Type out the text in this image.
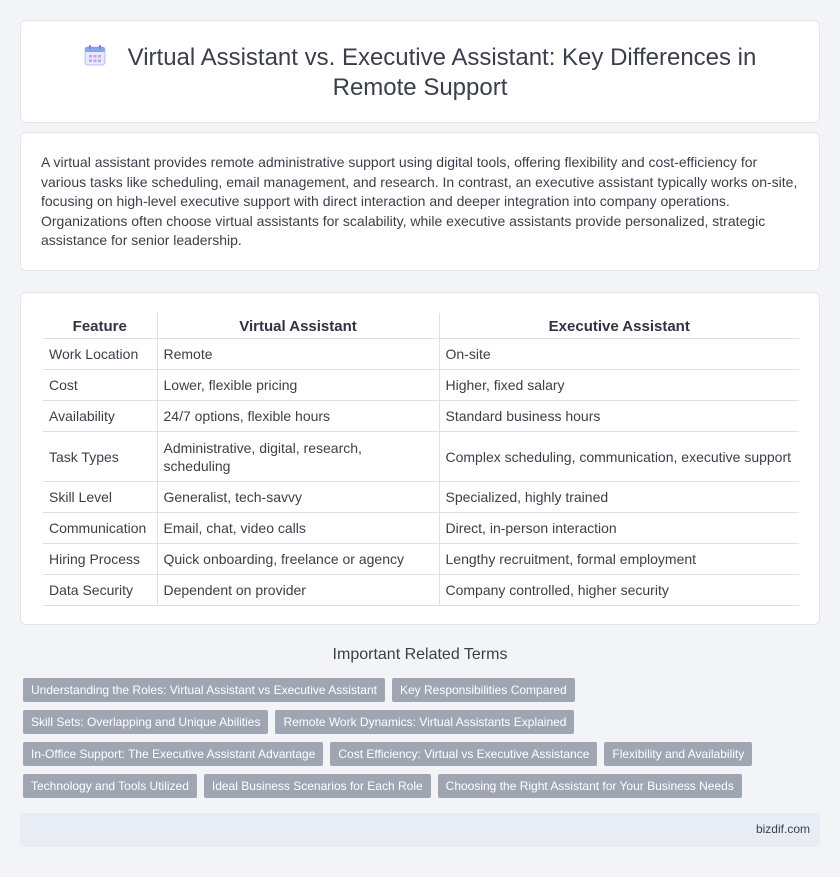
Virtual Assistant vs. Executive Assistant: Key Differences in
Remote Support

A virtual assistant provides remote administrative support using digital tools, offering flexibility and cost-efficiency for various tasks like scheduling, email management, and research. In contrast, an executive assistant typically works on-site, focusing on high-level executive support with direct interaction and deeper integration into company operations. Organizations often choose virtual assistants for scalability, while executive assistants provide personalized, strategic assistance for senior leadership.

Feature	Virtual Assistant	Executive Assistant
Work Location	Remote	On-site
Cost	Lower, flexible pricing	Higher, fixed salary
Availability	24/7 options, flexible hours	Standard business hours
Task Types	Administrative, digital, research, scheduling	Complex scheduling, communication, executive support
Skill Level	Generalist, tech-savvy	Specialized, highly trained
Communication	Email, chat, video calls	Direct, in-person interaction
Hiring Process	Quick onboarding, freelance or agency	Lengthy recruitment, formal employment
Data Security	Dependent on provider	Company controlled, higher security
Important Related Terms
Understanding the Roles: Virtual Assistant vs Executive Assistant	Key Responsibilities Compared
Skill Sets: Overlapping and Unique Abilities	Remote Work Dynamics: Virtual Assistants Explained
In-Office Support: The Executive Assistant Advantage	Cost Efficiency: Virtual vs Executive Assistance	Flexibility and Availability
Technology and Tools Utilized	Ideal Business Scenarios for Each Role	Choosing the Right Assistant for Your Business Needs
bizdif.com
